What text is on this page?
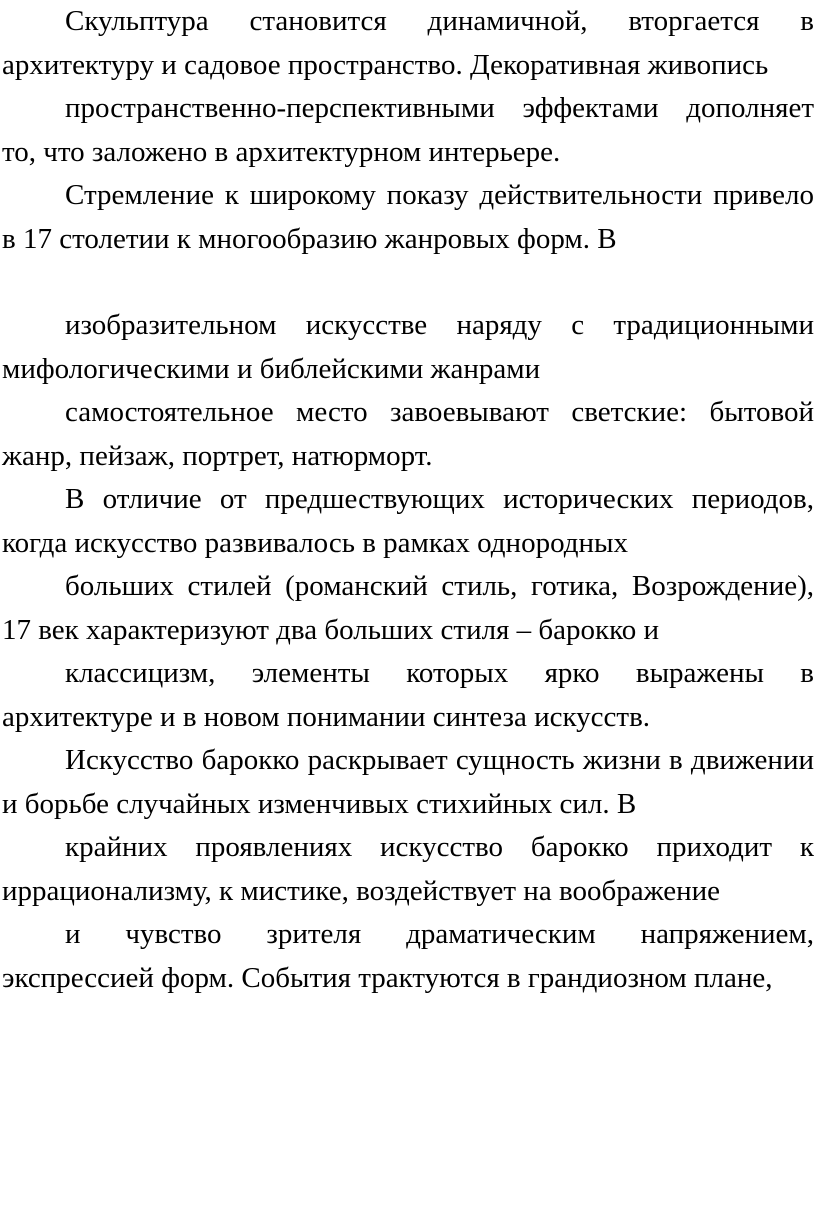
Скульптура становится динамичной, вторгается в архитектуру и садовое пространство. Декоративная живопись

пространственно-перспективными эффектами дополняет то, что заложено в архитектурном интерьере.

Стремление к широкому показу действительности привело в 17 столетии к многообразию жанровых форм. В

изобразительном искусстве наряду с традиционными мифологическими и библейскими жанрами

самостоятельное место завоевывают светские: бытовой жанр, пейзаж, портрет, натюрморт.

В отличие от предшествующих исторических периодов, когда искусство развивалось в рамках однородных

больших стилей (романский стиль, готика, Возрождение), 17 век характеризуют два больших стиля – барокко и

классицизм, элементы которых ярко выражены в архитектуре и в новом понимании синтеза искусств.

Искусство барокко раскрывает сущность жизни в движении и борьбе случайных изменчивых стихийных сил. В

крайних проявлениях искусство барокко приходит к иррационализму, к мистике, воздействует на воображение

и чувство зрителя драматическим напряжением, экспрессией форм. События трактуются в грандиозном плане,
